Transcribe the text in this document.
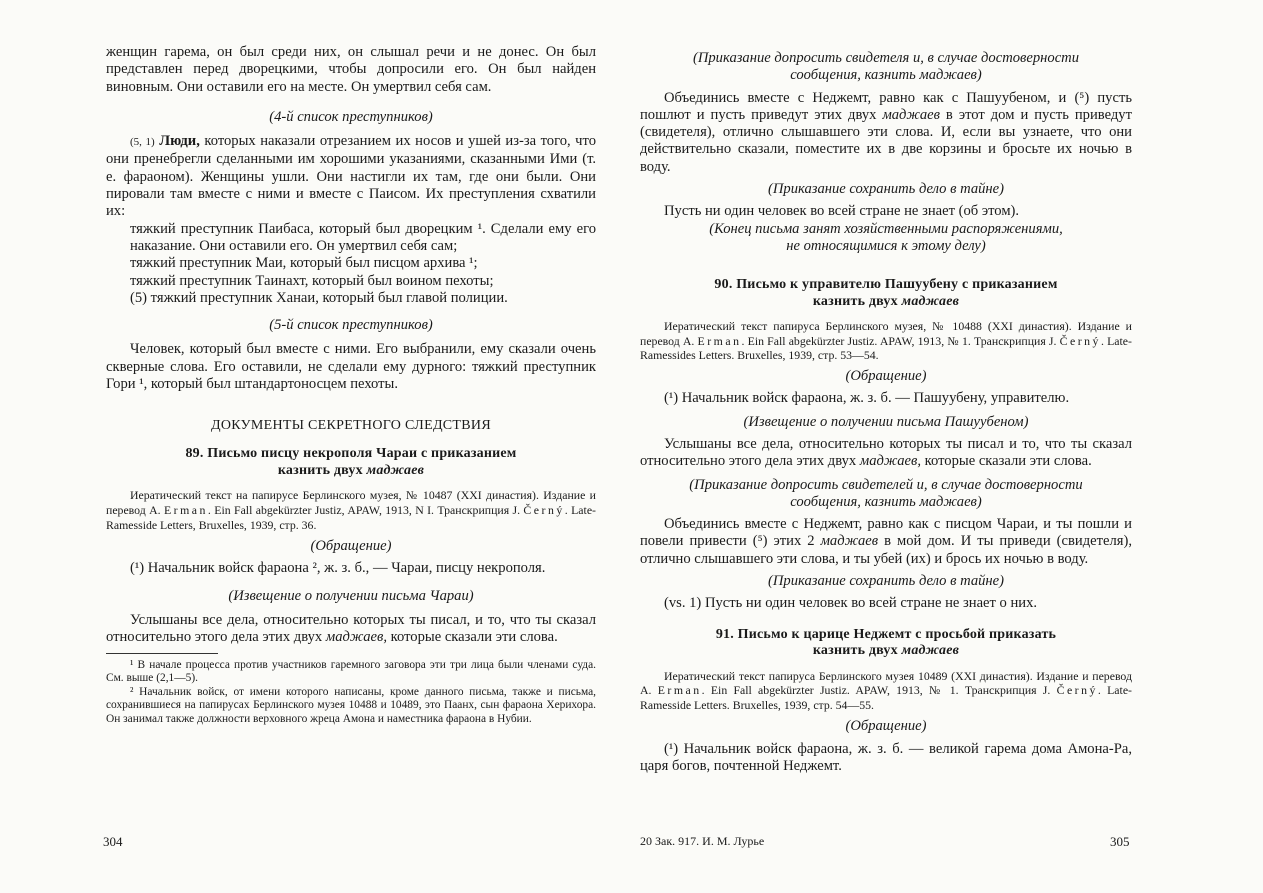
женщин гарема, он был среди них, он слышал речи и не донес. Он был представлен перед дворецкими, чтобы допросили его. Он был найден виновным. Они оставили его на месте. Он умертвил себя сам.

(4-й список преступников)

(5, 1) Люди, которых наказали отрезанием их носов и ушей из-за того, что они пренебрегли сделанными им хорошими указаниями, сказанными Ими (т. е. фараоном). Женщины ушли. Они настигли их там, где они были. Они пировали там вместе с ними и вместе с Паисом. Их преступления схватили их:

тяжкий преступник Паибаса, который был дворецким ¹. Сделали ему его наказание. Они оставили его. Он умертвил себя сам;

тяжкий преступник Маи, который был писцом архива ¹;

тяжкий преступник Таинахт, который был воином пехоты;

(5) тяжкий преступник Ханаи, который был главой полиции.

(5-й список преступников)

Человек, который был вместе с ними. Его выбранили, ему сказали очень скверные слова. Его оставили, не сделали ему дурного: тяжкий преступник Гори ¹, который был штандартоносцем пехоты.

ДОКУМЕНТЫ СЕКРЕТНОГО СЛЕДСТВИЯ

89. Письмо писцу некрополя Чараи с приказанием

казнить двух маджаев

Иератический текст на папирусе Берлинского музея, № 10487 (XXI династия). Издание и перевод A. Erman. Ein Fall abgekürzter Justiz, APAW, 1913, N I. Транскрипция J. Černý. Late-Ramesside Letters, Bruxelles, 1939, стр. 36.

(Обращение)

(¹) Начальник войск фараона ², ж. з. б., — Чараи, писцу некрополя.

(Извещение о получении письма Чараи)

Услышаны все дела, относительно которых ты писал, и то, что ты сказал относительно этого дела этих двух маджаев, которые сказали эти слова.

¹ В начале процесса против участников гаремного заговора эти три лица были членами суда. См. выше (2,1—5).

² Начальник войск, от имени которого написаны, кроме данного письма, также и письма, сохранившиеся на папирусах Берлинского музея 10488 и 10489, это Паанх, сын фараона Херихора. Он занимал также должности верховного жреца Амона и наместника фараона в Нубии.

304

(Приказание допросить свидетеля и, в случае достоверности

сообщения, казнить маджаев)

Объединись вместе с Неджемт, равно как с Пашуубеном, и (⁵) пусть пошлют и пусть приведут этих двух маджаев в этот дом и пусть приведут (свидетеля), отлично слышавшего эти слова. И, если вы узнаете, что они действительно сказали, поместите их в две корзины и бросьте их ночью в воду.

(Приказание сохранить дело в тайне)

Пусть ни один человек во всей стране не знает (об этом).

(Конец письма занят хозяйственными распоряжениями,

не относящимися к этому делу)

90. Письмо к управителю Пашуубену с приказанием

казнить двух маджаев

Иератический текст папируса Берлинского музея, № 10488 (XXI династия). Издание и перевод A. Erman. Ein Fall abgekürzter Justiz. APAW, 1913, № 1. Транскрипция J. Černý. Late-Ramessides Letters. Bruxelles, 1939, стр. 53—54.

(Обращение)

(¹) Начальник войск фараона, ж. з. б. — Пашуубену, управителю.

(Извещение о получении письма Пашуубеном)

Услышаны все дела, относительно которых ты писал и то, что ты сказал относительно этого дела этих двух маджаев, которые сказали эти слова.

(Приказание допросить свидетелей и, в случае достоверности

сообщения, казнить маджаев)

Объединись вместе с Неджемт, равно как с писцом Чараи, и ты пошли и повели привести (⁵) этих 2 маджаев в мой дом. И ты приведи (свидетеля), отлично слышавшего эти слова, и ты убей (их) и брось их ночью в воду.

(Приказание сохранить дело в тайне)

(vs. 1) Пусть ни один человек во всей стране не знает о них.

91. Письмо к царице Неджемт с просьбой приказать

казнить двух маджаев

Иератический текст папируса Берлинского музея 10489 (XXI династия). Издание и перевод A. Erman. Ein Fall abgekürzter Justiz. APAW, 1913, № 1. Транскрипция J. Černý. Late-Ramesside Letters. Bruxelles, 1939, стр. 54—55.

(Обращение)

(¹) Начальник войск фараона, ж. з. б. — великой гарема дома Амона-Ра, царя богов, почтенной Неджемт.

20 Зак. 917. И. М. Лурье	305
